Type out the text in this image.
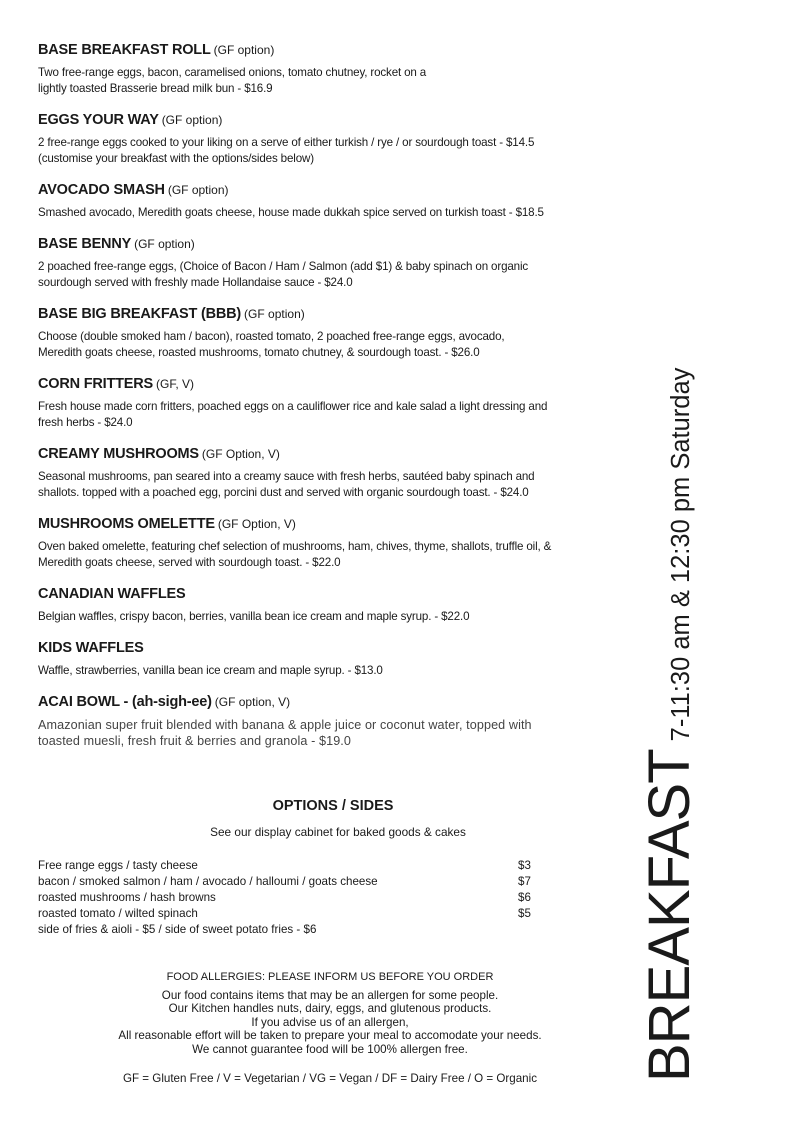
BASE BREAKFAST ROLL (GF option)
Two free-range eggs, bacon, caramelised onions, tomato chutney, rocket on a
lightly toasted Brasserie bread milk bun - $16.9
EGGS YOUR WAY (GF option)
2 free-range eggs cooked to your liking on a serve of either turkish / rye / or sourdough toast - $14.5
(customise your breakfast with the options/sides below)
AVOCADO SMASH (GF option)
Smashed avocado, Meredith goats cheese, house made dukkah spice served on turkish toast - $18.5
BASE BENNY (GF option)
2 poached free-range eggs, (Choice of Bacon / Ham / Salmon (add $1) & baby spinach on organic
sourdough served with freshly made Hollandaise sauce - $24.0
BASE BIG BREAKFAST (BBB) (GF option)
Choose (double smoked ham / bacon), roasted tomato, 2 poached free-range eggs, avocado,
Meredith goats cheese, roasted mushrooms, tomato chutney, & sourdough toast. - $26.0
CORN FRITTERS (GF, V)
Fresh house made corn fritters, poached eggs on a cauliflower rice and kale salad a light dressing and
fresh herbs - $24.0
CREAMY MUSHROOMS (GF Option, V)
Seasonal mushrooms, pan seared into a creamy sauce with fresh herbs, sautéed baby spinach and
shallots. topped with a poached egg, porcini dust and served with organic sourdough toast. - $24.0
MUSHROOMS OMELETTE (GF Option, V)
Oven baked omelette, featuring chef selection of mushrooms, ham, chives, thyme, shallots, truffle oil, &
Meredith goats cheese, served with sourdough toast. - $22.0
CANADIAN WAFFLES
Belgian waffles, crispy bacon, berries, vanilla bean ice cream and maple syrup. - $22.0
KIDS WAFFLES
Waffle, strawberries, vanilla bean ice cream and maple syrup. - $13.0
ACAI BOWL - (ah-sigh-ee) (GF option, V)
Amazonian super fruit blended with banana & apple juice or coconut water, topped with
toasted muesli, fresh fruit & berries and granola - $19.0
OPTIONS / SIDES
See our display cabinet for baked goods & cakes
Free range eggs / tasty cheese	$3
bacon / smoked salmon / ham / avocado / halloumi / goats cheese	$7
roasted mushrooms / hash browns	$6
roasted tomato / wilted spinach	$5
side of fries & aioli - $5 / side of sweet potato fries - $6
FOOD ALLERGIES: PLEASE INFORM US BEFORE YOU ORDER
Our food contains items that may be an allergen for some people.
Our Kitchen handles nuts, dairy, eggs, and glutenous products.
If you advise us of an allergen,
All reasonable effort will be taken to prepare your meal to accomodate your needs.
We cannot guarantee food will be 100% allergen free.
GF = Gluten Free / V = Vegetarian / VG = Vegan / DF = Dairy Free / O = Organic	BREAKFAST7-11:30 am & 12:30 pm Saturday
